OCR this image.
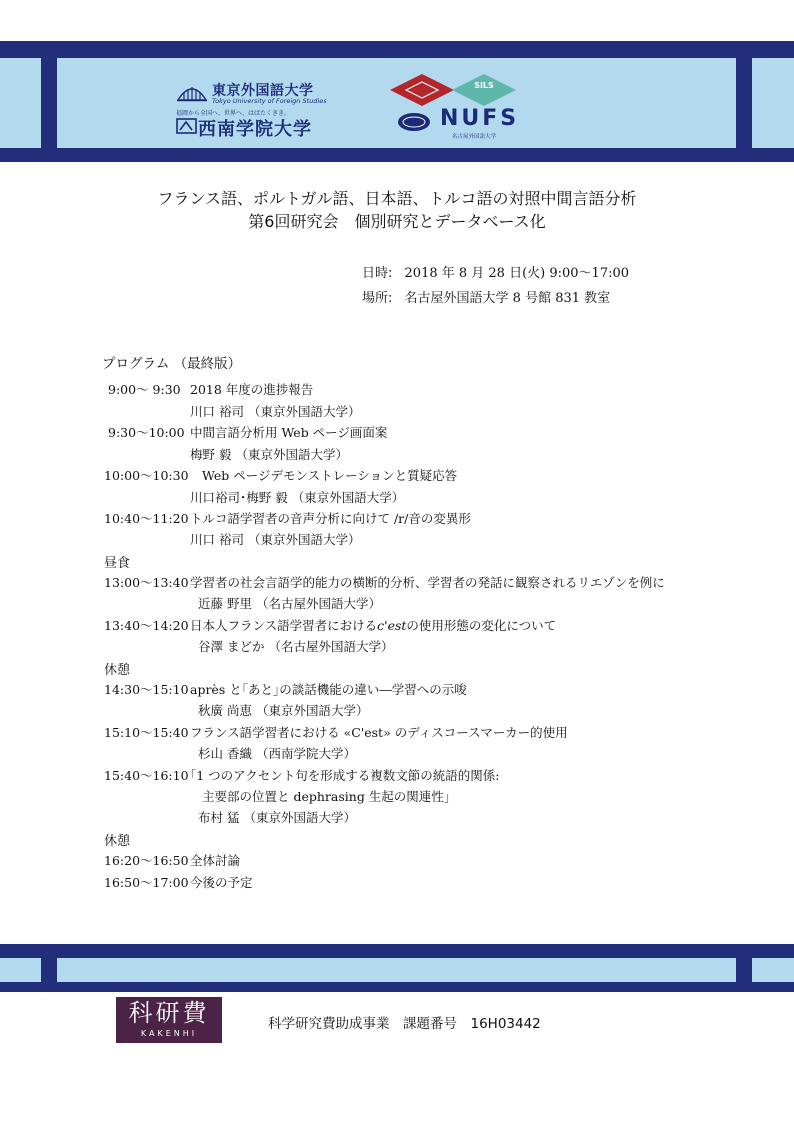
東京外国語大学
Tokyo University of Foreign Studies
福岡から全国へ、世界へ、はばたくきき。
西南学院大学
SILS
NUFS
名古屋外国語大学
フランス語、ポルトガル語、日本語、トルコ語の対照中間言語分析
第6回研究会　個別研究とデータベース化
日時: 2018 年 8 月 28 日(火) 9:00〜17:00
場所: 名古屋外国語大学 8 号館 831 教室
プログラム （最終版）
9:00〜 9:30 2018 年度の進捗報告
川口 裕司 （東京外国語大学）
9:30〜10:00 中間言語分析用 Web ページ画面案
梅野 毅 （東京外国語大学）
10:00〜10:30 Web ページデモンストレーションと質疑応答
川口裕司･梅野 毅 （東京外国語大学）
10:40〜11:20トルコ語学習者の音声分析に向けて /r/音の変異形
川口 裕司 （東京外国語大学）
昼食
13:00〜13:40学習者の社会言語学的能力の横断的分析、学習者の発話に観察されるリエゾンを例に
近藤 野里 （名古屋外国語大学）
13:40〜14:20日本人フランス語学習者におけるc'estの使用形態の変化について
谷澤 まどか （名古屋外国語大学）
休憩
14:30〜15:10après と｢あと｣の談話機能の違い―学習への示唆
秋廣 尚恵 （東京外国語大学）
15:10〜15:40フランス語学習者における «C'est» のディスコースマーカー的使用
杉山 香織 （西南学院大学）
15:40〜16:10｢1 つのアクセント句を形成する複数文節の統語的関係:
主要部の位置と dephrasing 生起の関連性｣
布村 猛 （東京外国語大学）
休憩
16:20〜16:50全体討論
16:50〜17:00今後の予定
科研費
KAKENHI
科学研究費助成事業　課題番号　16H03442
